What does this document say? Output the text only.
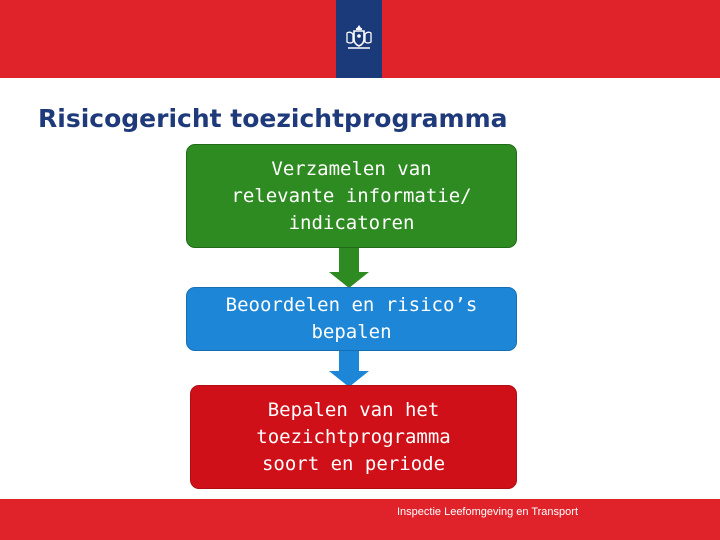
Risicogericht toezichtprogramma
Verzamelen van
relevante informatie/
indicatoren
Beoordelen en risico’s
bepalen
Bepalen van het
toezichtprogramma
soort en periode
Inspectie Leefomgeving en Transport
